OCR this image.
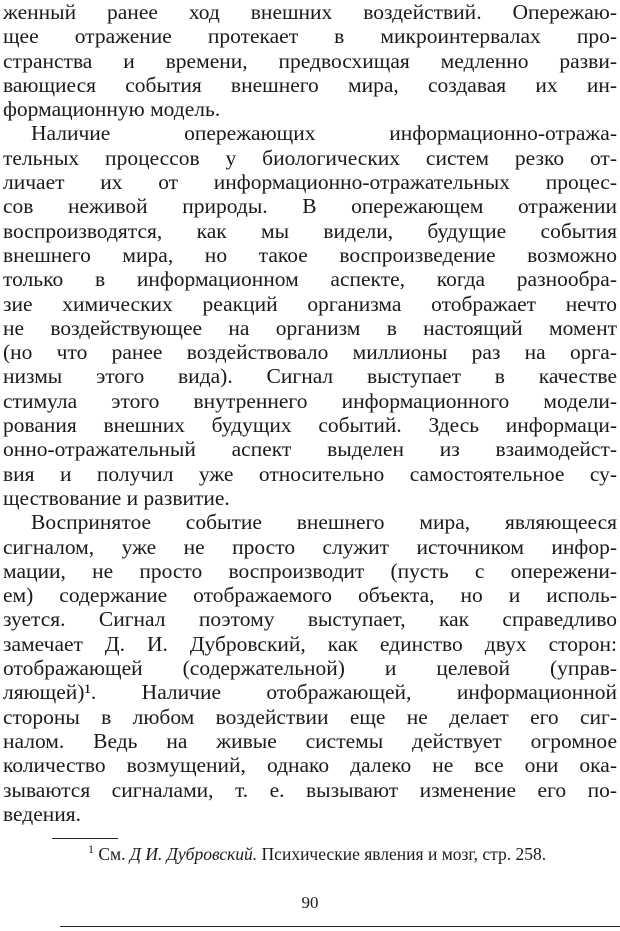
женный ранее ход внешних воздействий. Опережаю-
щее отражение протекает в микроинтервалах про-
странства и времени, предвосхищая медленно разви-
вающиеся события внешнего мира, создавая их ин-
формационную модель.
Наличие опережающих информационно-отража-
тельных процессов у биологических систем резко от-
личает их от информационно-отражательных процес-
сов неживой природы. В опережающем отражении
воспроизводятся, как мы видели, будущие события
внешнего мира, но такое воспроизведение возможно
только в информационном аспекте, когда разнообра-
зие химических реакций организма отображает нечто
не воздействующее на организм в настоящий момент
(но что ранее воздействовало миллионы раз на орга-
низмы этого вида). Сигнал выступает в качестве
стимула этого внутреннего информационного модели-
рования внешних будущих событий. Здесь информаци-
онно-отражательный аспект выделен из взаимодейст-
вия и получил уже относительно самостоятельное су-
ществование и развитие.
Воспринятое событие внешнего мира, являющееся
сигналом, уже не просто служит источником инфор-
мации, не просто воспроизводит (пусть с опережени-
ем) содержание отображаемого объекта, но и исполь-
зуется. Сигнал поэтому выступает, как справедливо
замечает Д. И. Дубровский, как единство двух сторон:
отображающей (содержательной) и целевой (управ-
ляющей)¹. Наличие отображающей, информационной
стороны в любом воздействии еще не делает его сиг-
налом. Ведь на живые системы действует огромное
количество возмущений, однако далеко не все они ока-
зываются сигналами, т. е. вызывают изменение его по-
ведения.
$^1$ См. Д И. Дубровский. Психические явления и мозг, стр. 258.
90
